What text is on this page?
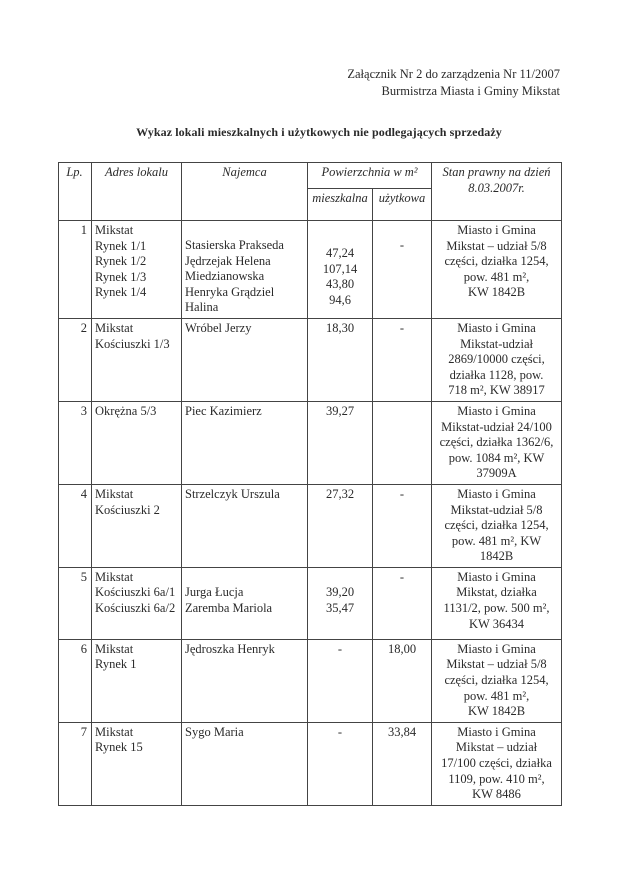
Załącznik Nr 2 do zarządzenia Nr 11/2007
Burmistrza Miasta i Gminy Mikstat
Wykaz lokali mieszkalnych i użytkowych nie podlegających sprzedaży
Lp.	Adres lokalu	Najemca	Powierzchnia w m²		Stan prawny na dzień
8.03.2007r.

			mieszkalna	użytkowa	
1	Mikstat
Rynek 1/1
Rynek 1/2
Rynek 1/3
Rynek 1/4	Stasierska Prakseda
Jędrzejak Helena
Miedzianowska
Henryka Grądziel
Halina	47,24
107,14
43,80
94,6	-	Miasto i Gmina
Mikstat – udział 5/8
części, działka 1254,
pow. 481 m²,
KW 1842B

2	Mikstat
Kościuszki 1/3	Wróbel Jerzy	18,30	-	Miasto i Gmina
Mikstat-udział
2869/10000 części,
działka 1128, pow.
718 m², KW 38917

3	Okrężna 5/3	Piec Kazimierz	39,27		Miasto i Gmina
Mikstat-udział 24/100
części, działka 1362/6,
pow. 1084 m², KW
37909A

4	Mikstat
Kościuszki 2	Strzelczyk Urszula	27,32	-	Miasto i Gmina
Mikstat-udział 5/8
części, działka 1254,
pow. 481 m², KW
1842B

5	Mikstat
Kościuszki 6a/1
Kościuszki 6a/2	Jurga Łucja
Zaremba Mariola	39,20
35,47	-	Miasto i Gmina
Mikstat, działka
1131/2, pow. 500 m²,
KW 36434

6	Mikstat
Rynek 1	Jędroszka Henryk	-	18,00	Miasto i Gmina
Mikstat – udział 5/8
części, działka 1254,
pow. 481 m²,
KW 1842B

7	Mikstat
Rynek 15	Sygo Maria	-	33,84	Miasto i Gmina
Mikstat – udział
17/100 części, działka
1109, pow. 410 m²,
KW 8486
